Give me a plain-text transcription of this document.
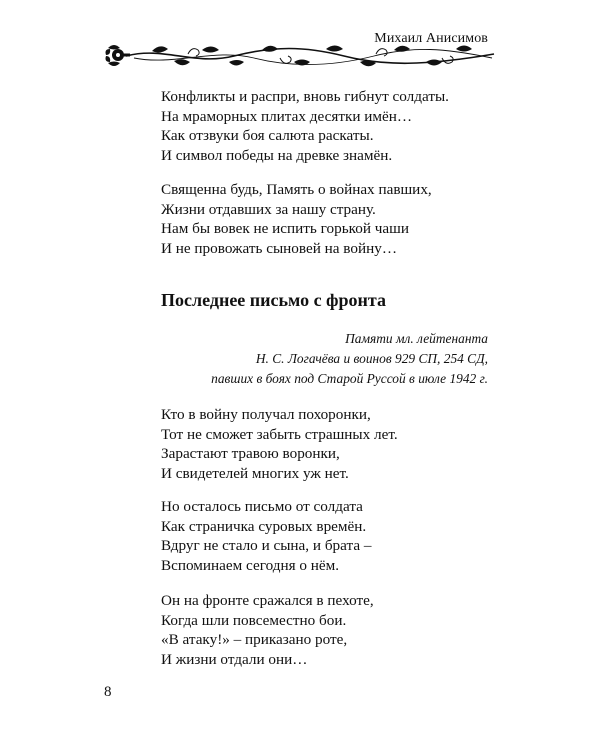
Михаил Анисимов
Конфликты и распри, вновь гибнут солдаты.
На мраморных плитах десятки имён…
Как отзвуки боя салюта раскаты.
И символ победы на древке знамён.
Священна будь, Память о войнах павших,
Жизни отдавших за нашу страну.
Нам бы вовек не испить горькой чаши
И не провожать сыновей на войну…
Последнее письмо с фронта
Памяти мл. лейтенанта
Н. С. Логачёва и воинов 929 СП, 254 СД,
павших в боях под Старой Руссой в июле 1942 г.
Кто в войну получал похоронки,
Тот не сможет забыть страшных лет.
Зарастают травою воронки,
И свидетелей многих уж нет.
Но осталось письмо от солдата
Как страничка суровых времён.
Вдруг не стало и сына, и брата –
Вспоминаем сегодня о нём.
Он на фронте сражался в пехоте,
Когда шли повсеместно бои.
«В атаку!» – приказано роте,
И жизни отдали они…
8
